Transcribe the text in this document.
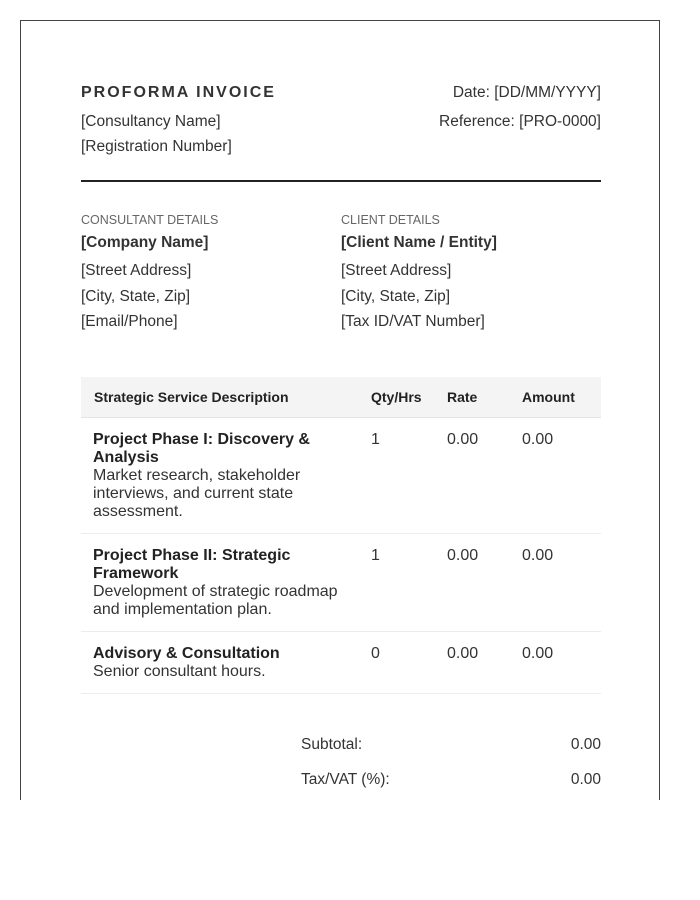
PROFORMA INVOICE
[Consultancy Name]
[Registration Number]
Date: [DD/MM/YYYY]
Reference: [PRO-0000]
CONSULTANT DETAILS
[Company Name]
[Street Address]
[City, State, Zip]
[Email/Phone]
CLIENT DETAILS
[Client Name / Entity]
[Street Address]
[City, State, Zip]
[Tax ID/VAT Number]
Strategic Service Description	Qty/Hrs	Rate	Amount

Project Phase I: Discovery & Analysis
Market research, stakeholder interviews, and current state assessment.	1	0.00	0.00

Project Phase II: Strategic Framework
Development of strategic roadmap and implementation plan.	1	0.00	0.00

Advisory & Consultation
Senior consultant hours.	0	0.00	0.00
Subtotal:	0.00
Tax/VAT (%):	0.00
